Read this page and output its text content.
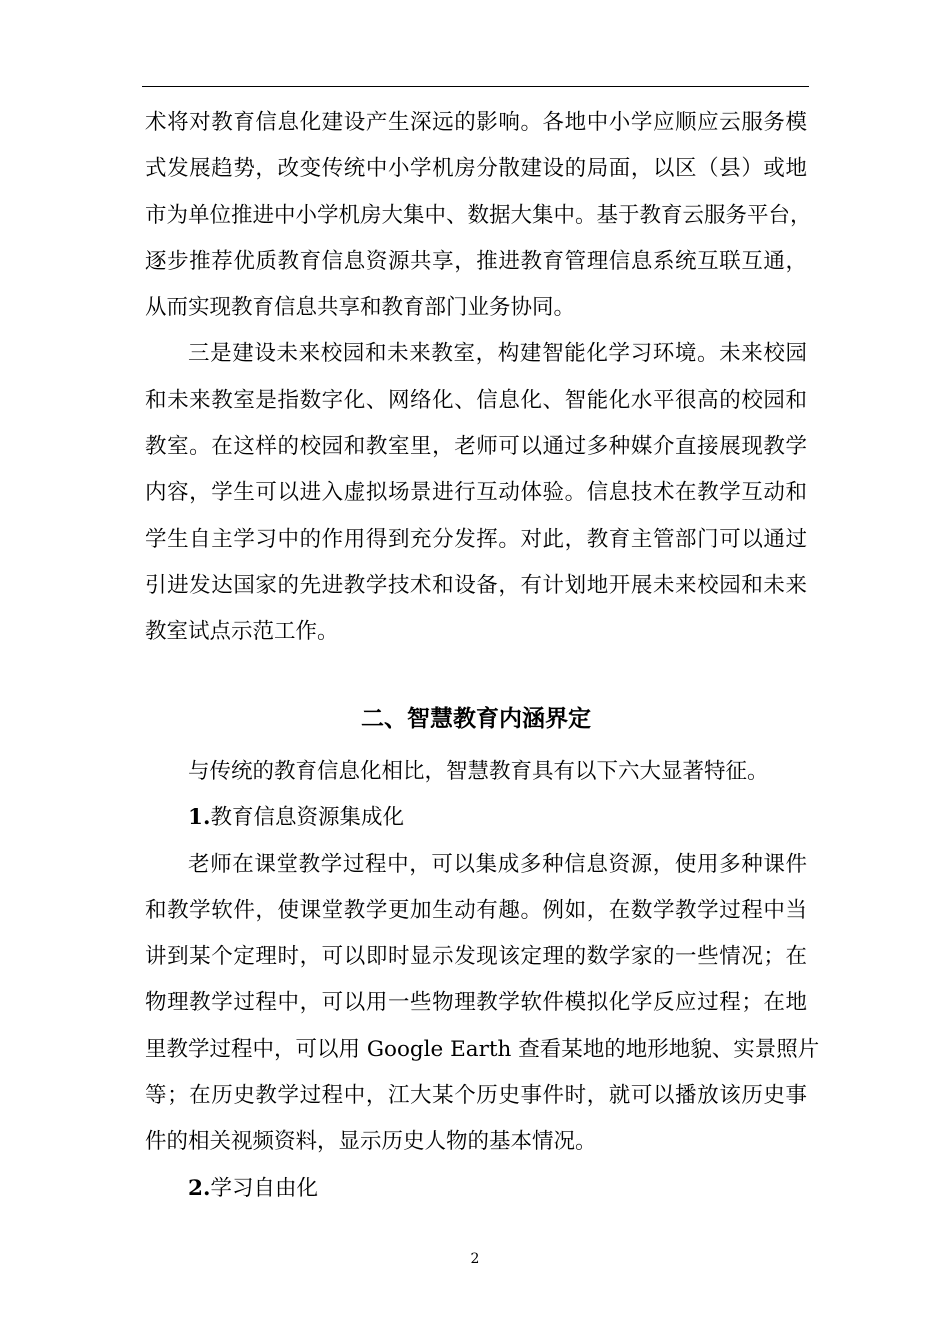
术将对教育信息化建设产生深远的影响。各地中小学应顺应云服务模

式发展趋势，改变传统中小学机房分散建设的局面，以区（县）或地

市为单位推进中小学机房大集中、数据大集中。基于教育云服务平台，

逐步推荐优质教育信息资源共享，推进教育管理信息系统互联互通，

从而实现教育信息共享和教育部门业务协同。

三是建设未来校园和未来教室，构建智能化学习环境。未来校园

和未来教室是指数字化、网络化、信息化、智能化水平很高的校园和

教室。在这样的校园和教室里，老师可以通过多种媒介直接展现教学

内容，学生可以进入虚拟场景进行互动体验。信息技术在教学互动和

学生自主学习中的作用得到充分发挥。对此，教育主管部门可以通过

引进发达国家的先进教学技术和设备，有计划地开展未来校园和未来

教室试点示范工作。

二、智慧教育内涵界定

与传统的教育信息化相比，智慧教育具有以下六大显著特征。

1.教育信息资源集成化

老师在课堂教学过程中，可以集成多种信息资源，使用多种课件

和教学软件，使课堂教学更加生动有趣。例如，在数学教学过程中当

讲到某个定理时，可以即时显示发现该定理的数学家的一些情况；在

物理教学过程中，可以用一些物理教学软件模拟化学反应过程；在地

里教学过程中，可以用 Google Earth 查看某地的地形地貌、实景照片

等；在历史教学过程中，江大某个历史事件时，就可以播放该历史事

件的相关视频资料，显示历史人物的基本情况。

2.学习自由化

2
